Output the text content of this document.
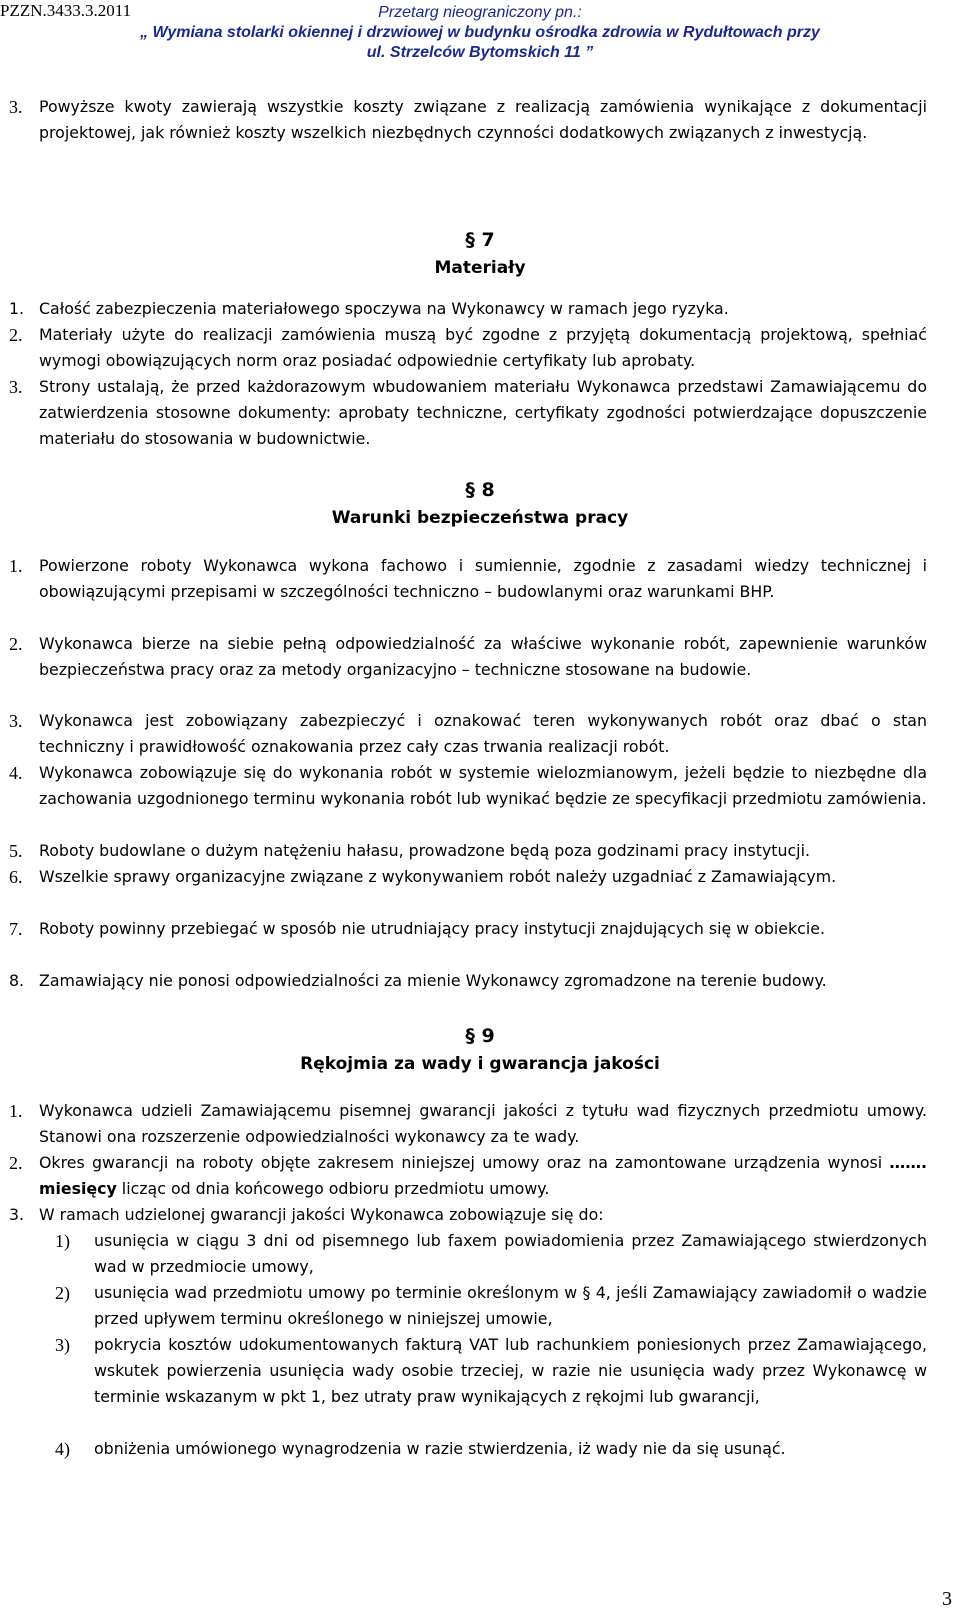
PZZN.3433.3.2011	Przetarg nieograniczony pn.:
„ Wymiana stolarki okiennej i drzwiowej w budynku ośrodka zdrowia w Rydułtowach przy
ul. Strzelców Bytomskich 11 ”
3. Powyższe kwoty zawierają wszystkie koszty związane z realizacją zamówienia wynikające z dokumentacji projektowej, jak również koszty wszelkich niezbędnych czynności dodatkowych związanych z inwestycją.
§ 7
Materiały
1. Całość zabezpieczenia materiałowego spoczywa na Wykonawcy w ramach jego ryzyka.
2. Materiały użyte do realizacji zamówienia muszą być zgodne z przyjętą dokumentacją projektową, spełniać wymogi obowiązujących norm oraz posiadać odpowiednie certyfikaty lub aprobaty.
3. Strony ustalają, że przed każdorazowym wbudowaniem materiału Wykonawca przedstawi Zamawiającemu do zatwierdzenia stosowne dokumenty: aprobaty techniczne, certyfikaty zgodności potwierdzające dopuszczenie materiału do stosowania w budownictwie.
§ 8
Warunki bezpieczeństwa pracy
1. Powierzone roboty Wykonawca wykona fachowo i sumiennie, zgodnie z zasadami wiedzy technicznej i obowiązującymi przepisami w szczególności techniczno – budowlanymi oraz warunkami BHP.
2. Wykonawca bierze na siebie pełną odpowiedzialność za właściwe wykonanie robót, zapewnienie warunków bezpieczeństwa pracy oraz za metody organizacyjno – techniczne stosowane na budowie.
3. Wykonawca jest zobowiązany zabezpieczyć i oznakować teren wykonywanych robót oraz dbać o stan techniczny i prawidłowość oznakowania przez cały czas trwania realizacji robót.
4. Wykonawca zobowiązuje się do wykonania robót w systemie wielozmianowym, jeżeli będzie to niezbędne dla zachowania uzgodnionego terminu wykonania robót lub wynikać będzie ze specyfikacji przedmiotu zamówienia.
5. Roboty budowlane o dużym natężeniu hałasu, prowadzone będą poza godzinami pracy instytucji.
6. Wszelkie sprawy organizacyjne związane z wykonywaniem robót należy uzgadniać z Zamawiającym.
7. Roboty powinny przebiegać w sposób nie utrudniający pracy instytucji znajdujących się w obiekcie.
8. Zamawiający nie ponosi odpowiedzialności za mienie Wykonawcy zgromadzone na terenie budowy.
§ 9
Rękojmia za wady i gwarancja jakości
1. Wykonawca udzieli Zamawiającemu pisemnej gwarancji jakości z tytułu wad fizycznych przedmiotu umowy. Stanowi ona rozszerzenie odpowiedzialności wykonawcy za te wady.
2. Okres gwarancji na roboty objęte zakresem niniejszej umowy oraz na zamontowane urządzenia wynosi ……. miesięcy licząc od dnia końcowego odbioru przedmiotu umowy.
3. W ramach udzielonej gwarancji jakości Wykonawca zobowiązuje się do:
1) usunięcia w ciągu 3 dni od pisemnego lub faxem powiadomienia przez Zamawiającego stwierdzonych wad w przedmiocie umowy,
2) usunięcia wad przedmiotu umowy po terminie określonym w § 4, jeśli Zamawiający zawiadomił o wadzie przed upływem terminu określonego w niniejszej umowie,
3) pokrycia kosztów udokumentowanych fakturą VAT lub rachunkiem poniesionych przez Zamawiającego, wskutek powierzenia usunięcia wady osobie trzeciej, w razie nie usunięcia wady przez Wykonawcę w terminie wskazanym w pkt 1, bez utraty praw wynikających z rękojmi lub gwarancji,
4) obniżenia umówionego wynagrodzenia w razie stwierdzenia, iż wady nie da się usunąć.
3
